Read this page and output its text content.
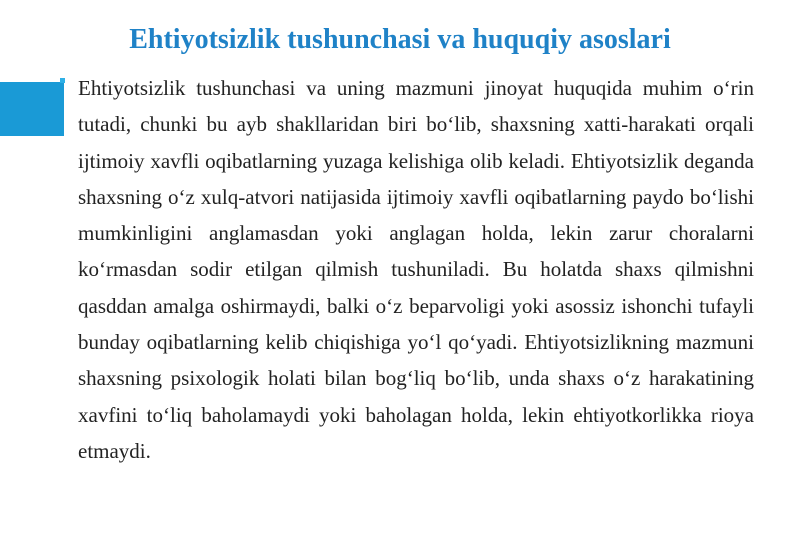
Ehtiyotsizlik tushunchasi va huquqiy asoslari

Ehtiyotsizlik tushunchasi va uning mazmuni jinoyat huquqida muhim o‘rin tutadi, chunki bu ayb shakllaridan biri bo‘lib, shaxsning xatti-harakati orqali ijtimoiy xavfli oqibatlarning yuzaga kelishiga olib keladi. Ehtiyotsizlik deganda shaxsning o‘z xulq-atvori natijasida ijtimoiy xavfli oqibatlarning paydo bo‘lishi mumkinligini anglamasdan yoki anglagan holda, lekin zarur choralarni ko‘rmasdan sodir etilgan qilmish tushuniladi. Bu holatda shaxs qilmishni qasddan amalga oshirmaydi, balki o‘z beparvoligi yoki asossiz ishonchi tufayli bunday oqibatlarning kelib chiqishiga yo‘l qo‘yadi. Ehtiyotsizlikning mazmuni shaxsning psixologik holati bilan bog‘liq bo‘lib, unda shaxs o‘z harakatining xavfini to‘liq baholamaydi yoki baholagan holda, lekin ehtiyotkorlikka rioya etmaydi.
